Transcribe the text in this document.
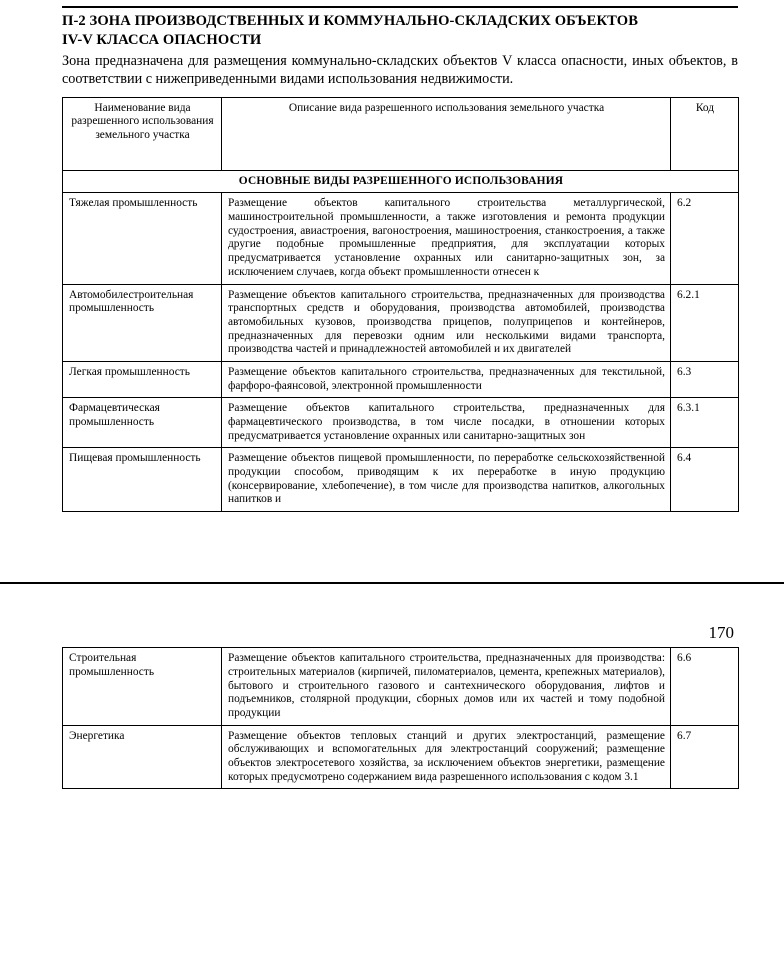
П-2 ЗОНА ПРОИЗВОДСТВЕННЫХ И КОММУНАЛЬНО-СКЛАДСКИХ ОБЪЕКТОВ
IV-V КЛАССА ОПАСНОСТИ

Зона предназначена для размещения коммунально-складских объектов V класса опасности, иных объектов, в соответствии с нижеприведенными видами использования недвижимости.

Наименование вида разрешенного использования земельного участка	Описание вида разрешенного использования земельного участка	Код
ОСНОВНЫЕ ВИДЫ РАЗРЕШЕННОГО ИСПОЛЬЗОВАНИЯ		
Тяжелая промышленность	Размещение объектов капитального строительства металлургической, машиностроительной промышленности, а также изготовления и ремонта продукции судостроения, авиастроения, вагоностроения, машиностроения, станкостроения, а также другие подобные промышленные предприятия, для эксплуатации которых предусматривается установление охранных или санитарно-защитных зон, за исключением случаев, когда объект промышленности отнесен к	6.2
Автомобилестроительная промышленность	Размещение объектов капитального строительства, предназначенных для производства транспортных средств и оборудования, производства автомобилей, производства автомобильных кузовов, производства прицепов, полуприцепов и контейнеров, предназначенных для перевозки одним или несколькими видами транспорта, производства частей и принадлежностей автомобилей и их двигателей	6.2.1
Легкая промышленность	Размещение объектов капитального строительства, предназначенных для текстильной, фарфоро-фаянсовой, электронной промышленности	6.3
Фармацевтическая промышленность	Размещение объектов капитального строительства, предназначенных для фармацевтического производства, в том числе посадки, в отношении которых предусматривается установление охранных или санитарно-защитных зон	6.3.1

Пищевая промышленность	Размещение объектов пищевой промышленности, по переработке сельскохозяйственной продукции способом, приводящим к их переработке в иную продукцию (консервирование, хлебопечение), в том числе для производства напитков, алкогольных напитков и	6.4
170
Строительная промышленность	Размещение объектов капитального строительства, предназначенных для производства: строительных материалов (кирпичей, пиломатериалов, цемента, крепежных материалов), бытового и строительного газового и сантехнического оборудования, лифтов и подъемников, столярной продукции, сборных домов или их частей и тому подобной продукции	6.6

Энергетика	Размещение объектов тепловых станций и других электростанций, размещение обслуживающих и вспомогательных для электростанций сооружений; размещение объектов электросетевого хозяйства, за исключением объектов энергетики, размещение которых предусмотрено содержанием вида разрешенного использования с кодом 3.1	6.7
